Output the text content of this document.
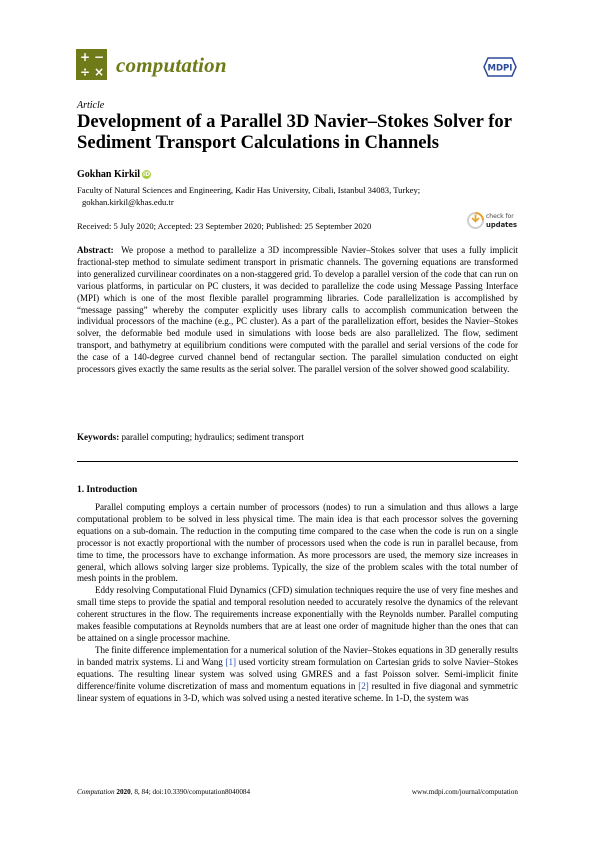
+ −
÷ × computation	MDPI
Article
Development of a Parallel 3D Navier–Stokes Solver for Sediment Transport Calculations in Channels
Gokhan Kirkil iD
Faculty of Natural Sciences and Engineering, Kadir Has University, Cibali, Istanbul 34083, Turkey;
gokhan.kirkil@khas.edu.tr
Received: 5 July 2020; Accepted: 23 September 2020; Published: 25 September 2020
check for
updates
Abstract: We propose a method to parallelize a 3D incompressible Navier–Stokes solver that uses a fully implicit fractional-step method to simulate sediment transport in prismatic channels. The governing equations are transformed into generalized curvilinear coordinates on a non-staggered grid. To develop a parallel version of the code that can run on various platforms, in particular on PC clusters, it was decided to parallelize the code using Message Passing Interface (MPI) which is one of the most flexible parallel programming libraries. Code parallelization is accomplished by “message passing” whereby the computer explicitly uses library calls to accomplish communication between the individual processors of the machine (e.g., PC cluster). As a part of the parallelization effort, besides the Navier–Stokes solver, the deformable bed module used in simulations with loose beds are also parallelized. The flow, sediment transport, and bathymetry at equilibrium conditions were computed with the parallel and serial versions of the code for the case of a 140-degree curved channel bend of rectangular section. The parallel simulation conducted on eight processors gives exactly the same results as the serial solver. The parallel version of the solver showed good scalability.
Keywords: parallel computing; hydraulics; sediment transport
1. Introduction

Parallel computing employs a certain number of processors (nodes) to run a simulation and thus allows a large computational problem to be solved in less physical time. The main idea is that each processor solves the governing equations on a sub-domain. The reduction in the computing time compared to the case when the code is run on a single processor is not exactly proportional with the number of processors used when the code is run in parallel because, from time to time, the processors have to exchange information. As more processors are used, the memory size increases in general, which allows solving larger size problems. Typically, the size of the problem scales with the total number of mesh points in the problem.

Eddy resolving Computational Fluid Dynamics (CFD) simulation techniques require the use of very fine meshes and small time steps to provide the spatial and temporal resolution needed to accurately resolve the dynamics of the relevant coherent structures in the flow. The requirements increase exponentially with the Reynolds number. Parallel computing makes feasible computations at Reynolds numbers that are at least one order of magnitude higher than the ones that can be attained on a single processor machine.

The finite difference implementation for a numerical solution of the Navier–Stokes equations in 3D generally results in banded matrix systems. Li and Wang [1] used vorticity stream formulation on Cartesian grids to solve Navier–Stokes equations. The resulting linear system was solved using GMRES and a fast Poisson solver. Semi-implicit finite difference/finite volume discretization of mass and momentum equations in [2] resulted in five diagonal and symmetric linear system of equations in 3-D, which was solved using a nested iterative scheme. In 1-D, the system was

Computation 2020, 8, 84; doi:10.3390/computation8040084	www.mdpi.com/journal/computation
